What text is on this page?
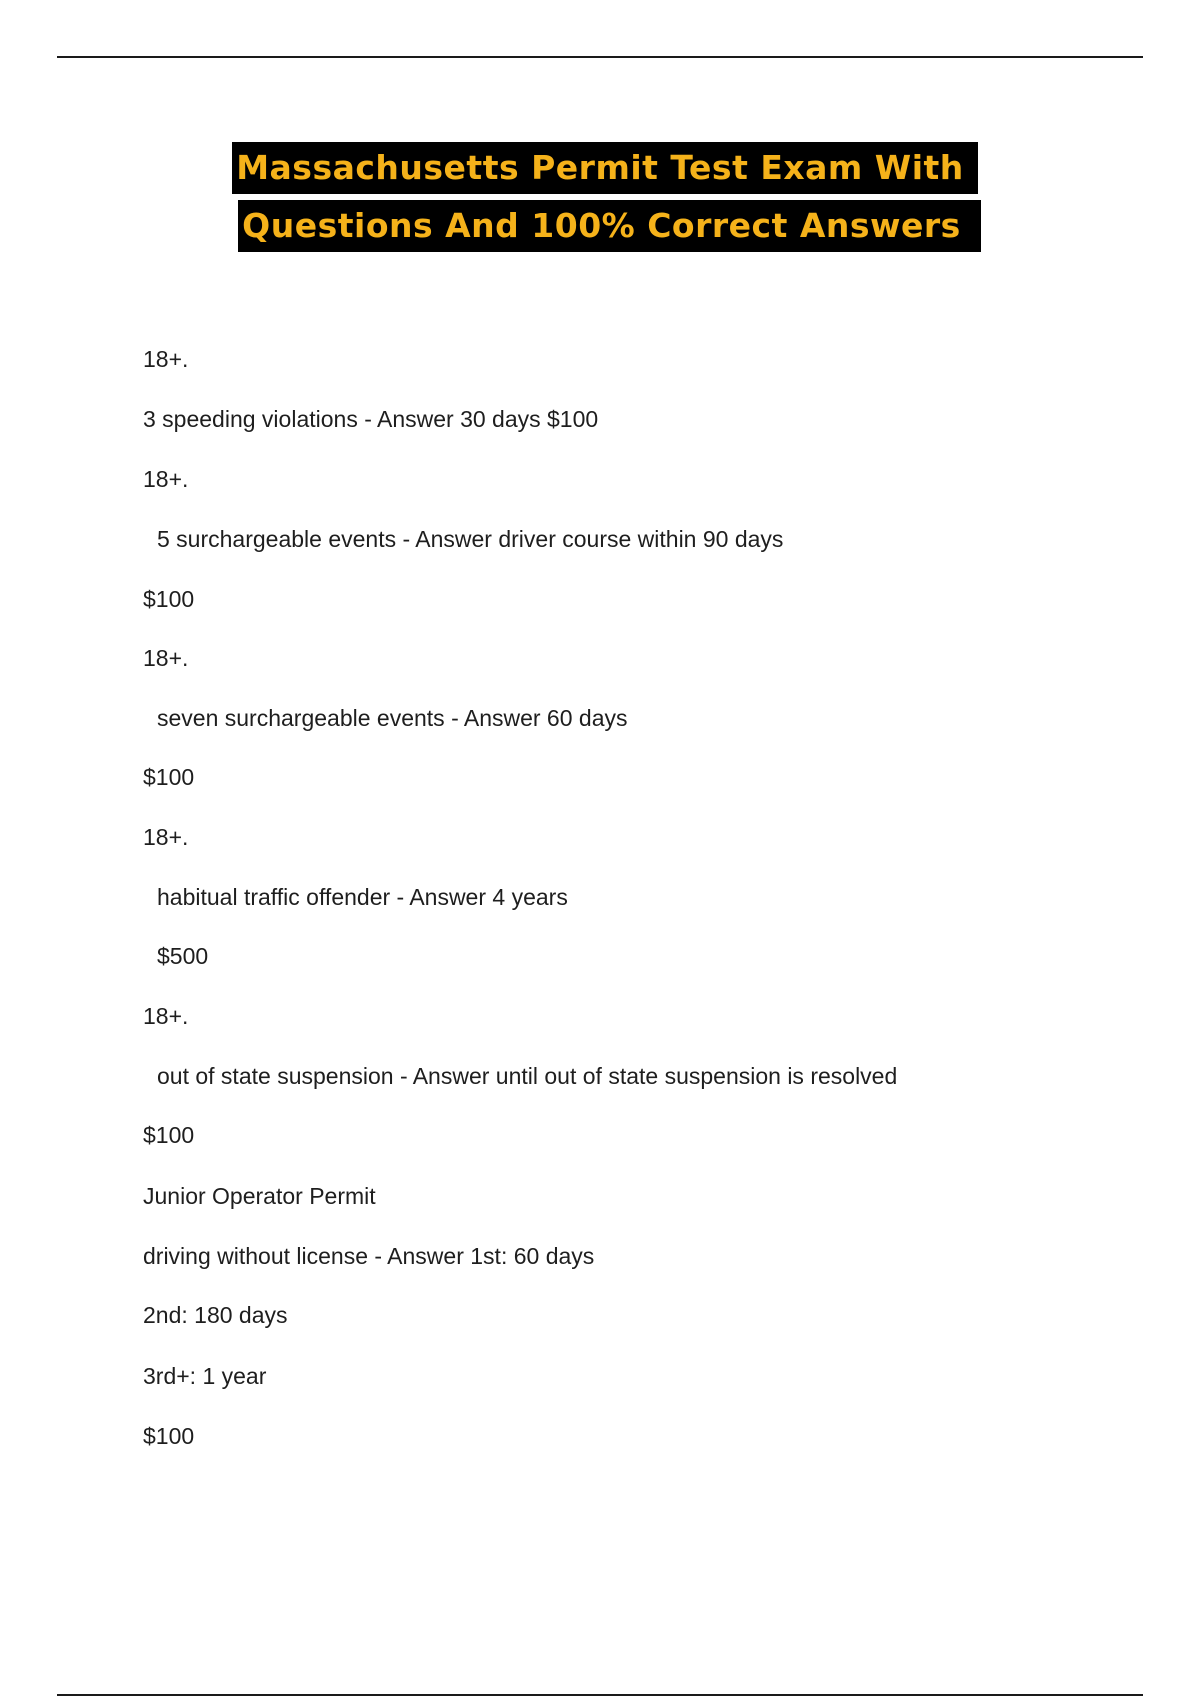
Massachusetts Permit Test Exam With
Questions And 100% Correct Answers
18+.
3 speeding violations - Answer 30 days $100
18+.
5 surchargeable events - Answer driver course within 90 days
$100
18+.
seven surchargeable events - Answer 60 days
$100
18+.
habitual traffic offender - Answer 4 years
$500
18+.
out of state suspension - Answer until out of state suspension is resolved
$100
Junior Operator Permit
driving without license - Answer 1st: 60 days
2nd: 180 days
3rd+: 1 year
$100
